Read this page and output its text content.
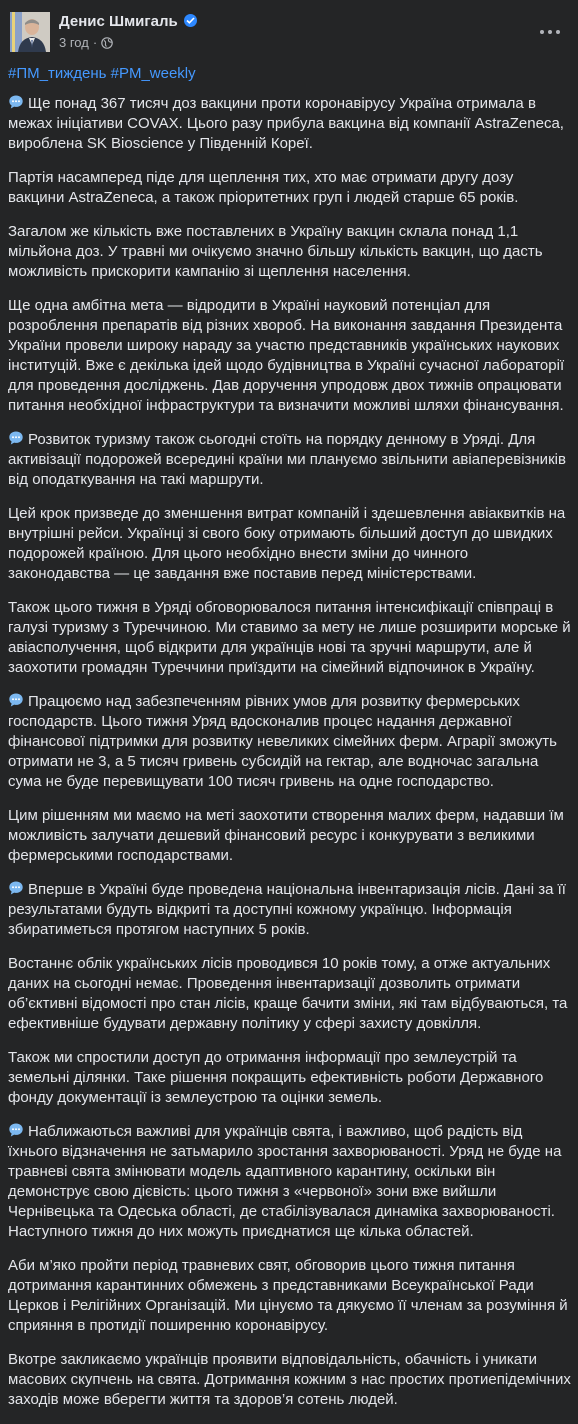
Денис Шмигаль
3 год ·
#ПМ_тиждень #PM_weekly
Ще понад 367 тисяч доз вакцини проти коронавірусу Україна отримала в межах ініціативи COVAX. Цього разу прибула вакцина від компанії AstraZeneca, вироблена SK Bioscience у Південній Кореї.
Партія насамперед піде для щеплення тих, хто має отримати другу дозу вакцини AstraZeneca, а також пріоритетних груп і людей старше 65 років.
Загалом же кількість вже поставлених в Україну вакцин склала понад 1,1 мільйона доз. У травні ми очікуємо значно більшу кількість вакцин, що дасть можливість прискорити кампанію зі щеплення населення.
Ще одна амбітна мета — відродити в Україні науковий потенціал для розроблення препаратів від різних хвороб. На виконання завдання Президента України провели широку нараду за участю представників українських наукових інституцій. Вже є декілька ідей щодо будівництва в Україні сучасної лабораторії для проведення досліджень. Дав доручення упродовж двох тижнів опрацювати питання необхідної інфраструктури та визначити можливі шляхи фінансування.
Розвиток туризму також сьогодні стоїть на порядку денному в Уряді. Для активізації подорожей всередині країни ми плануємо звільнити авіаперевізників від оподаткування на такі маршрути.
Цей крок призведе до зменшення витрат компаній і здешевлення авіаквитків на внутрішні рейси. Українці зі свого боку отримають більший доступ до швидких подорожей країною. Для цього необхідно внести зміни до чинного законодавства — це завдання вже поставив перед міністерствами.
Також цього тижня в Уряді обговорювалося питання інтенсифікації співпраці в галузі туризму з Туреччиною. Ми ставимо за мету не лише розширити морське й авіасполучення, щоб відкрити для українців нові та зручні маршрути, але й заохотити громадян Туреччини приїздити на сімейний відпочинок в Україну.
Працюємо над забезпеченням рівних умов для розвитку фермерських господарств. Цього тижня Уряд вдосконалив процес надання державної фінансової підтримки для розвитку невеликих сімейних ферм. Аграрії зможуть отримати не 3, а 5 тисяч гривень субсидій на гектар, але водночас загальна сума не буде перевищувати 100 тисяч гривень на одне господарство.
Цим рішенням ми маємо на меті заохотити створення малих ферм, надавши їм можливість залучати дешевий фінансовий ресурс і конкурувати з великими фермерськими господарствами.
Вперше в Україні буде проведена національна інвентаризація лісів. Дані за її результатами будуть відкриті та доступні кожному українцю. Інформація збиратиметься протягом наступних 5 років.
Востаннє облік українських лісів проводився 10 років тому, а отже актуальних даних на сьогодні немає. Проведення інвентаризації дозволить отримати об’єктивні відомості про стан лісів, краще бачити зміни, які там відбуваються, та ефективніше будувати державну політику у сфері захисту довкілля.
Також ми спростили доступ до отримання інформації про землеустрій та земельні ділянки. Таке рішення покращить ефективність роботи Державного фонду документації із землеустрою та оцінки земель.
Наближаються важливі для українців свята, і важливо, щоб радість від їхнього відзначення не затьмарило зростання захворюваності. Уряд не буде на травневі свята змінювати модель адаптивного карантину, оскільки він демонструє свою дієвість: цього тижня з «червоної» зони вже вийшли Чернівецька та Одеська області, де стабілізувалася динаміка захворюваності. Наступного тижня до них можуть приєднатися ще кілька областей.
Аби м’яко пройти період травневих свят, обговорив цього тижня питання дотримання карантинних обмежень з представниками Всеукраїнської Ради Церков і Релігійних Організацій. Ми цінуємо та дякуємо її членам за розуміння й сприяння в протидії поширенню коронавірусу.
Вкотре закликаємо українців проявити відповідальність, обачність і уникати масових скупчень на свята. Дотримання кожним з нас простих протиепідемічних заходів може вберегти життя та здоров’я сотень людей.
